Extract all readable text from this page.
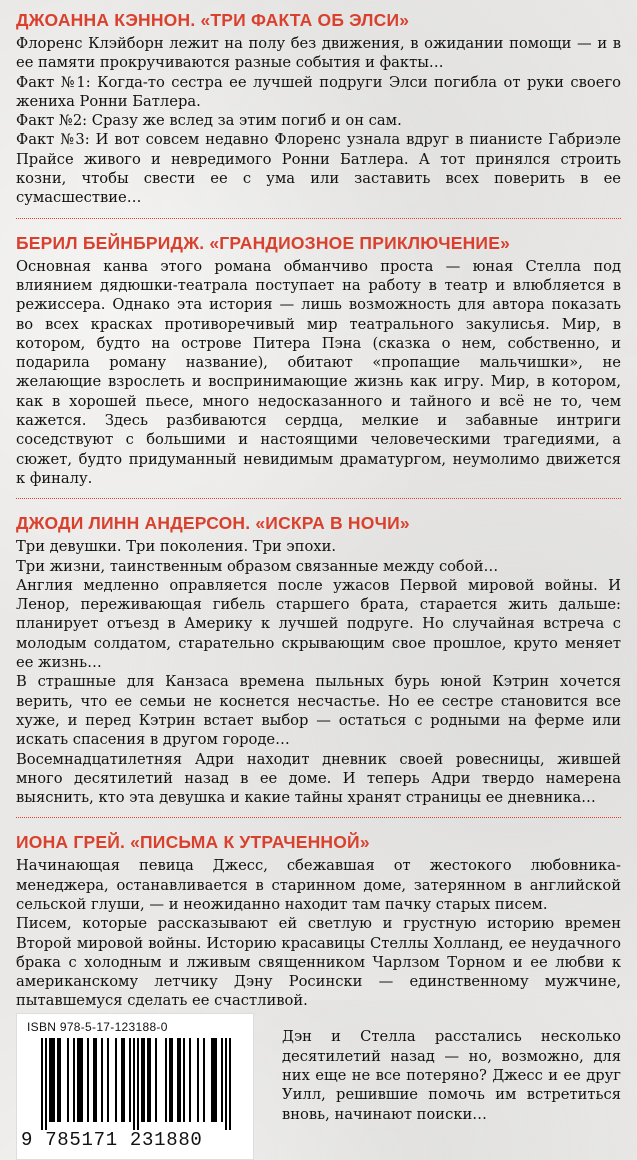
ДЖОАННА КЭННОН. «ТРИ ФАКТА ОБ ЭЛСИ»

Флоренс Клэйборн лежит на полу без движения, в ожидании помощи — и в ее памяти прокручиваются разные события и факты…

Факт №1: Когда-то сестра ее лучшей подруги Элси погибла от руки своего жениха Ронни Батлера.

Факт №2: Сразу же вслед за этим погиб и он сам.

Факт №3: И вот совсем недавно Флоренс узнала вдруг в пианисте Габриэле Прайсе живого и невредимого Ронни Батлера. А тот принялся строить козни, чтобы свести ее с ума или заставить всех поверить в ее сумасшествие…

БЕРИЛ БЕЙНБРИДЖ. «ГРАНДИОЗНОЕ ПРИКЛЮЧЕНИЕ»

Основная канва этого романа обманчиво проста — юная Стелла под влиянием дядюшки-театрала поступает на работу в театр и влюбляется в режиссера. Однако эта история — лишь возможность для автора показать во всех красках противоречивый мир театрального закулисья. Мир, в котором, будто на острове Питера Пэна (сказка о нем, собственно, и подарила роману название), обитают «пропащие мальчишки», не желающие взрослеть и воспринимающие жизнь как игру. Мир, в котором, как в хорошей пьесе, много недосказанного и тайного и всё не то, чем кажется. Здесь разбиваются сердца, мелкие и забавные интриги соседствуют с большими и настоящими человеческими трагедиями, а сюжет, будто придуманный невидимым драматургом, неумолимо движется к финалу.

ДЖОДИ ЛИНН АНДЕРСОН. «ИСКРА В НОЧИ»

Три девушки. Три поколения. Три эпохи.

Три жизни, таинственным образом связанные между собой…

Англия медленно оправляется после ужасов Первой мировой войны. И Ленор, переживающая гибель старшего брата, старается жить дальше: планирует отъезд в Америку к лучшей подруге. Но случайная встреча с молодым солдатом, старательно скрывающим свое прошлое, круто меняет ее жизнь…

В страшные для Канзаса времена пыльных бурь юной Кэтрин хочется верить, что ее семьи не коснется несчастье. Но ее сестре становится все хуже, и перед Кэтрин встает выбор — остаться с родными на ферме или искать спасения в другом городе…

Восемнадцатилетняя Адри находит дневник своей ровесницы, жившей много десятилетий назад в ее доме. И теперь Адри твердо намерена выяснить, кто эта девушка и какие тайны хранят страницы ее дневника…

ИОНА ГРЕЙ. «ПИСЬМА К УТРАЧЕННОЙ»

Начинающая певица Джесс, сбежавшая от жестокого любовника-менеджера, останавливается в старинном доме, затерянном в английской сельской глуши, — и неожиданно находит там пачку старых писем.

Писем, которые рассказывают ей светлую и грустную историю времен Второй мировой войны. Историю красавицы Стеллы Холланд, ее неудачного брака с холодным и лживым священником Чарлзом Торном и ее любви к американскому летчику Дэну Росински — единственному мужчине, пытавшемуся сделать ее счастливой.

ISBN 978-5-17-123188-0
9 785171 231880

Дэн и Стелла расстались несколько десятилетий назад — но, возможно, для них еще не все потеряно? Джесс и ее друг Уилл, решившие помочь им встретиться вновь, начинают поиски…
